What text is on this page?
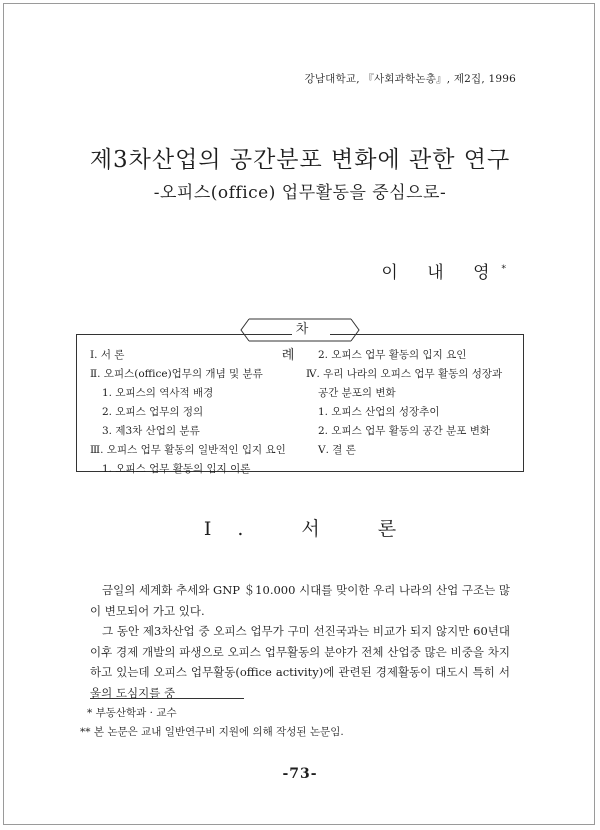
강남대학교, 『사회과학논총』, 제2집, 1996
제3차산업의 공간분포 변화에 관한 연구
-오피스(office) 업무활동을 중심으로-
이 내 영*
차 례
Ⅰ. 서 론
Ⅱ. 오피스(office)업무의 개념 및 분류
1. 오피스의 역사적 배경
2. 오피스 업무의 정의
3. 제3차 산업의 분류
Ⅲ. 오피스 업무 활동의 일반적인 입지 요인
1. 오피스 업무 활동의 입지 이론
2. 오피스 업무 활동의 입지 요인
Ⅳ. 우리 나라의 오피스 업무 활동의 성장과
공간 분포의 변화
1. 오피스 산업의 성장추이
2. 오피스 업무 활동의 공간 분포 변화
Ⅴ. 결 론
Ⅰ. 서 론

금일의 세계화 추세와 GNP ＄10.000 시대를 맞이한 우리 나라의 산업 구조는 많이 변모되어 가고 있다.

그 동안 제3차산업 중 오피스 업무가 구미 선진국과는 비교가 되지 않지만 60년대 이후 경제 개발의 파생으로 오피스 업무활동의 분야가 전체 산업중 많은 비중을 차지하고 있는데 오피스 업무활동(office activity)에 관련된 경제활동이 대도시 특히 서울의 도심지를 중

* 부동산학과 · 교수
** 본 논문은 교내 일반연구비 지원에 의해 작성된 논문임.
-73-
